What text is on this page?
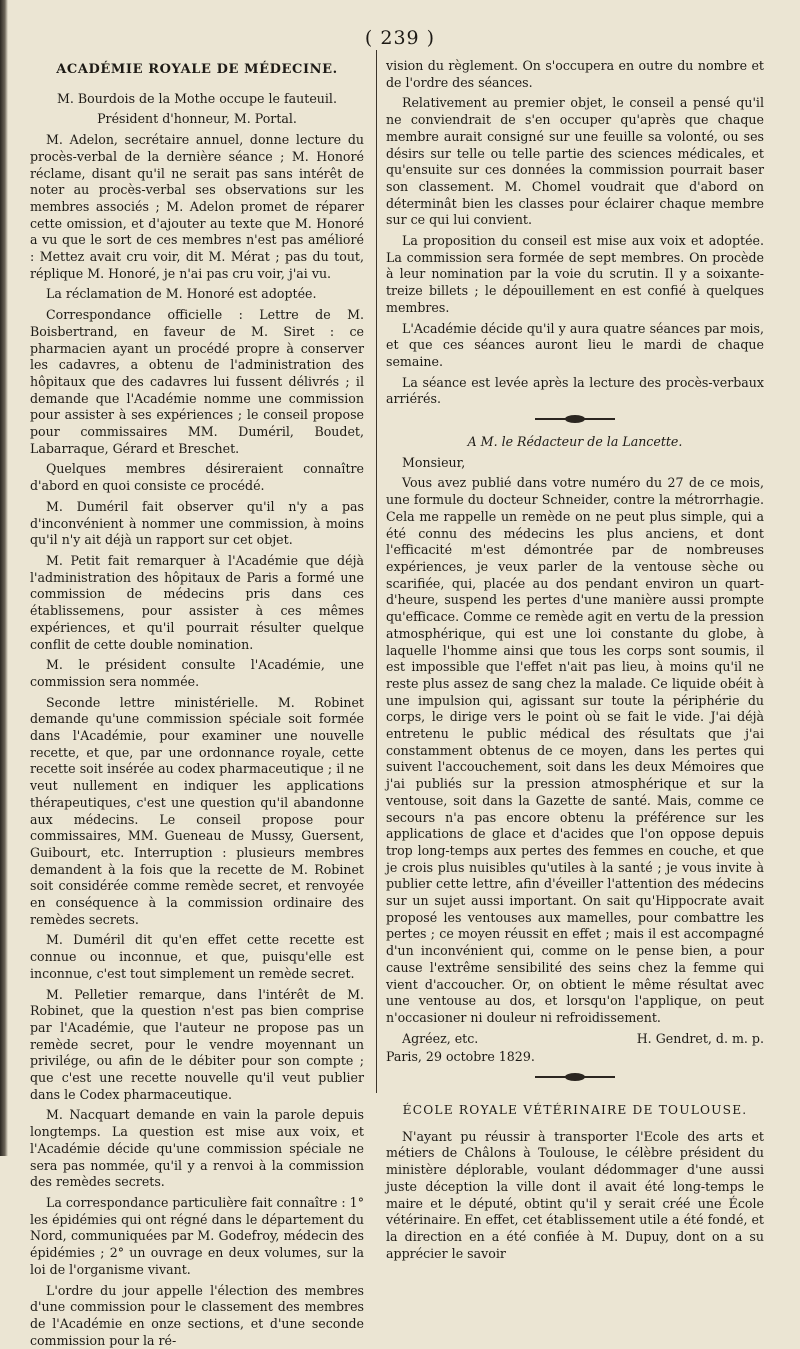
( 239 )
ACADÉMIE ROYALE DE MÉDECINE.

M. Bourdois de la Mothe occupe le fauteuil.

Président d'honneur, M. Portal.

M. Adelon, secrétaire annuel, donne lecture du procès-verbal de la dernière séance ; M. Honoré réclame, disant qu'il ne serait pas sans intérêt de noter au procès-verbal ses observations sur les membres associés ; M. Adelon promet de réparer cette omission, et d'ajouter au texte que M. Honoré a vu que le sort de ces membres n'est pas amélioré : Mettez avait cru voir, dit M. Mérat ; pas du tout, réplique M. Honoré, je n'ai pas cru voir, j'ai vu.

La réclamation de M. Honoré est adoptée.

Correspondance officielle : Lettre de M. Boisbertrand, en faveur de M. Siret : ce pharmacien ayant un procédé propre à conserver les cadavres, a obtenu de l'administration des hôpitaux que des cadavres lui fussent délivrés ; il demande que l'Académie nomme une commission pour assister à ses expériences ; le conseil propose pour commissaires MM. Duméril, Boudet, Labarraque, Gérard et Breschet.

Quelques membres désireraient connaître d'abord en quoi consiste ce procédé.

M. Duméril fait observer qu'il n'y a pas d'inconvénient à nommer une commission, à moins qu'il n'y ait déjà un rapport sur cet objet.

M. Petit fait remarquer à l'Académie que déjà l'administration des hôpitaux de Paris a formé une commission de médecins pris dans ces établissemens, pour assister à ces mêmes expériences, et qu'il pourrait résulter quelque conflit de cette double nomination.

M. le président consulte l'Académie, une commission sera nommée.

Seconde lettre ministérielle. M. Robinet demande qu'une commission spéciale soit formée dans l'Académie, pour examiner une nouvelle recette, et que, par une ordonnance royale, cette recette soit insérée au codex pharmaceutique ; il ne veut nullement en indiquer les applications thérapeutiques, c'est une question qu'il abandonne aux médecins. Le conseil propose pour commissaires, MM. Gueneau de Mussy, Guersent, Guibourt, etc. Interruption : plusieurs membres demandent à la fois que la recette de M. Robinet soit considérée comme remède secret, et renvoyée en conséquence à la commission ordinaire des remèdes secrets.

M. Duméril dit qu'en effet cette recette est connue ou inconnue, et que, puisqu'elle est inconnue, c'est tout simplement un remède secret.

M. Pelletier remarque, dans l'intérêt de M. Robinet, que la question n'est pas bien comprise par l'Académie, que l'auteur ne propose pas un remède secret, pour le vendre moyennant un privilége, ou afin de le débiter pour son compte ; que c'est une recette nouvelle qu'il veut publier dans le Codex pharmaceutique.

M. Nacquart demande en vain la parole depuis longtemps. La question est mise aux voix, et l'Académie décide qu'une commission spéciale ne sera pas nommée, qu'il y a renvoi à la commission des remèdes secrets.

La correspondance particulière fait connaître : 1° les épidémies qui ont régné dans le département du Nord, communiquées par M. Godefroy, médecin des épidémies ; 2° un ouvrage en deux volumes, sur la loi de l'organisme vivant.

L'ordre du jour appelle l'élection des membres d'une commission pour le classement des membres de l'Académie en onze sections, et d'une seconde commission pour la ré-

vision du règlement. On s'occupera en outre du nombre et de l'ordre des séances.

Relativement au premier objet, le conseil a pensé qu'il ne conviendrait de s'en occuper qu'après que chaque membre aurait consigné sur une feuille sa volonté, ou ses désirs sur telle ou telle partie des sciences médicales, et qu'ensuite sur ces données la commission pourrait baser son classement. M. Chomel voudrait que d'abord on déterminât bien les classes pour éclairer chaque membre sur ce qui lui convient.

La proposition du conseil est mise aux voix et adoptée. La commission sera formée de sept membres. On procède à leur nomination par la voie du scrutin. Il y a soixante-treize billets ; le dépouillement en est confié à quelques membres.

L'Académie décide qu'il y aura quatre séances par mois, et que ces séances auront lieu le mardi de chaque semaine.

La séance est levée après la lecture des procès-verbaux arriérés.

A M. le Rédacteur de la Lancette.

Monsieur,

Vous avez publié dans votre numéro du 27 de ce mois, une formule du docteur Schneider, contre la métrorrhagie. Cela me rappelle un remède on ne peut plus simple, qui a été connu des médecins les plus anciens, et dont l'efficacité m'est démontrée par de nombreuses expériences, je veux parler de la ventouse sèche ou scarifiée, qui, placée au dos pendant environ un quart-d'heure, suspend les pertes d'une manière aussi prompte qu'efficace. Comme ce remède agit en vertu de la pression atmosphérique, qui est une loi constante du globe, à laquelle l'homme ainsi que tous les corps sont soumis, il est impossible que l'effet n'ait pas lieu, à moins qu'il ne reste plus assez de sang chez la malade. Ce liquide obéit à une impulsion qui, agissant sur toute la périphérie du corps, le dirige vers le point où se fait le vide. J'ai déjà entretenu le public médical des résultats que j'ai constamment obtenus de ce moyen, dans les pertes qui suivent l'accouchement, soit dans les deux Mémoires que j'ai publiés sur la pression atmosphérique et sur la ventouse, soit dans la Gazette de santé. Mais, comme ce secours n'a pas encore obtenu la préférence sur les applications de glace et d'acides que l'on oppose depuis trop long-temps aux pertes des femmes en couche, et que je crois plus nuisibles qu'utiles à la santé ; je vous invite à publier cette lettre, afin d'éveiller l'attention des médecins sur un sujet aussi important. On sait qu'Hippocrate avait proposé les ventouses aux mamelles, pour combattre les pertes ; ce moyen réussit en effet ; mais il est accompagné d'un inconvénient qui, comme on le pense bien, a pour cause l'extrême sensibilité des seins chez la femme qui vient d'accoucher. Or, on obtient le même résultat avec une ventouse au dos, et lorsqu'on l'applique, on peut n'occasioner ni douleur ni refroidissement.

Agréez, etc.	H. Gendret, d. m. p.

Paris, 29 octobre 1829.

ÉCOLE ROYALE VÉTÉRINAIRE DE TOULOUSE.

N'ayant pu réussir à transporter l'Ecole des arts et métiers de Châlons à Toulouse, le célèbre président du ministère déplorable, voulant dédommager d'une aussi juste déception la ville dont il avait été long-temps le maire et le député, obtint qu'il y serait créé une École vétérinaire. En effet, cet établissement utile a été fondé, et la direction en a été confiée à M. Dupuy, dont on a su apprécier le savoir
